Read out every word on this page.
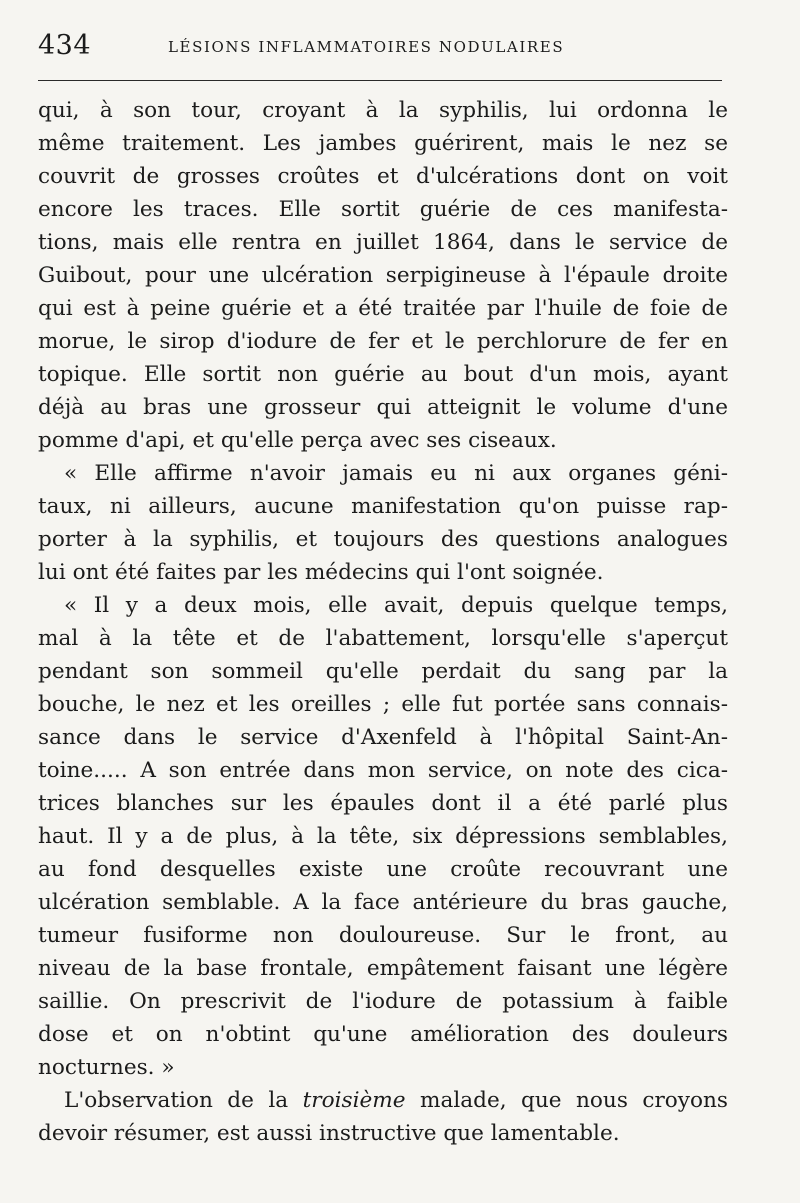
434	LÉSIONS INFLAMMATOIRES NODULAIRES
qui, à son tour, croyant à la syphilis, lui ordonna le
même traitement. Les jambes guérirent, mais le nez se
couvrit de grosses croûtes et d'ulcérations dont on voit
encore les traces. Elle sortit guérie de ces manifesta-
tions, mais elle rentra en juillet 1864, dans le service de
Guibout, pour une ulcération serpigineuse à l'épaule droite
qui est à peine guérie et a été traitée par l'huile de foie de
morue, le sirop d'iodure de fer et le perchlorure de fer en
topique. Elle sortit non guérie au bout d'un mois, ayant
déjà au bras une grosseur qui atteignit le volume d'une
pomme d'api, et qu'elle perça avec ses ciseaux.
« Elle affirme n'avoir jamais eu ni aux organes géni-
taux, ni ailleurs, aucune manifestation qu'on puisse rap-
porter à la syphilis, et toujours des questions analogues
lui ont été faites par les médecins qui l'ont soignée.
« Il y a deux mois, elle avait, depuis quelque temps,
mal à la tête et de l'abattement, lorsqu'elle s'aperçut
pendant son sommeil qu'elle perdait du sang par la
bouche, le nez et les oreilles ; elle fut portée sans connais-
sance dans le service d'Axenfeld à l'hôpital Saint-An-
toine..... A son entrée dans mon service, on note des cica-
trices blanches sur les épaules dont il a été parlé plus
haut. Il y a de plus, à la tête, six dépressions semblables,
au fond desquelles existe une croûte recouvrant une
ulcération semblable. A la face antérieure du bras gauche,
tumeur fusiforme non douloureuse. Sur le front, au
niveau de la base frontale, empâtement faisant une légère
saillie. On prescrivit de l'iodure de potassium à faible
dose et on n'obtint qu'une amélioration des douleurs
nocturnes. »
L'observation de la troisième malade, que nous croyons
devoir résumer, est aussi instructive que lamentable.
